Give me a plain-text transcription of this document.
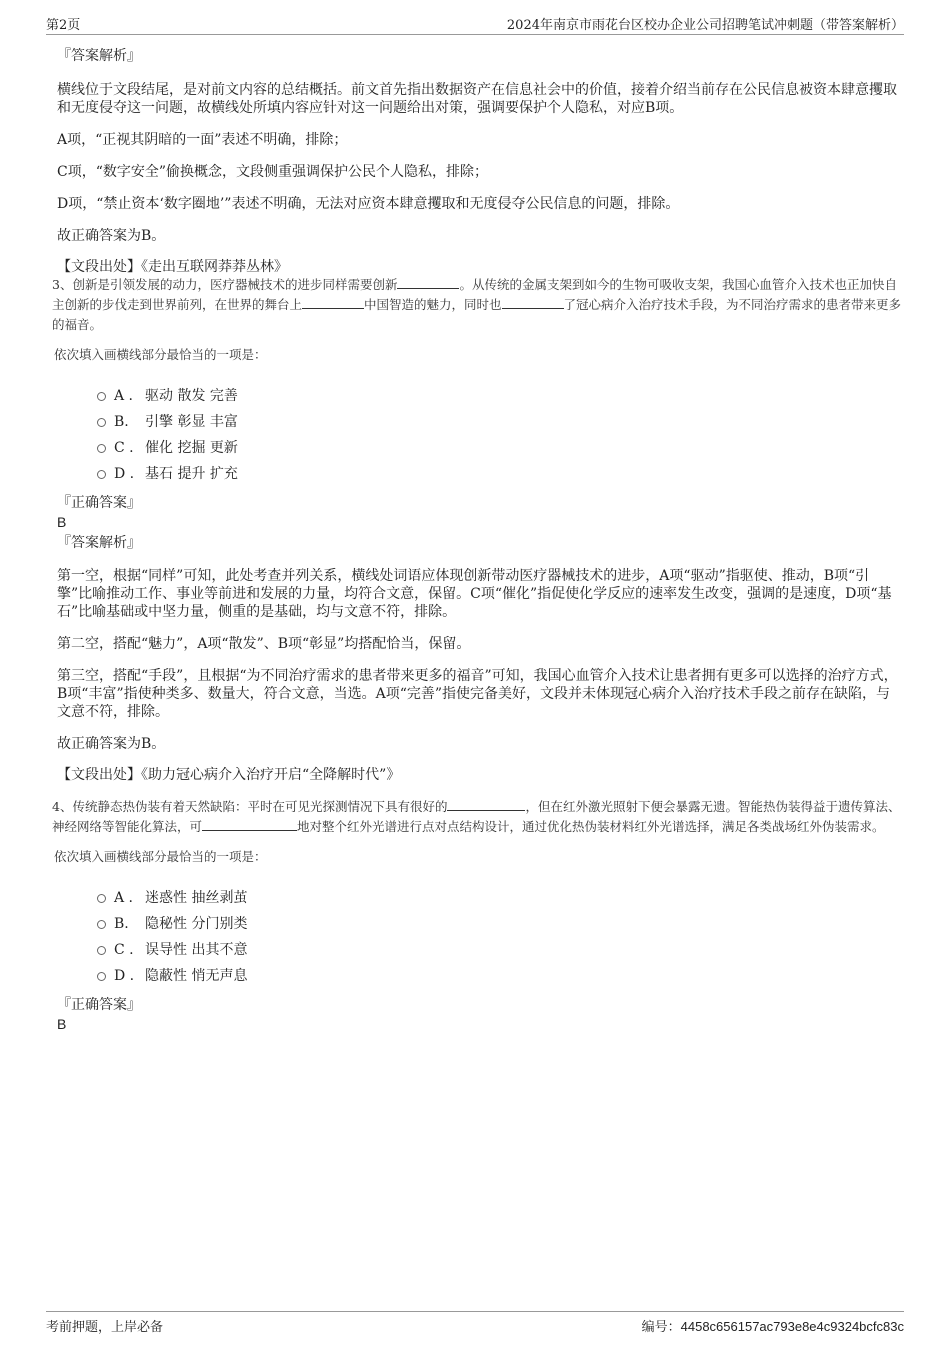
第2页	2024年南京市雨花台区校办企业公司招聘笔试冲刺题（带答案解析）

『答案解析』

横线位于文段结尾，是对前文内容的总结概括。前文首先指出数据资产在信息社会中的价值，接着介绍当前存在公民信息被资本肆意攫取和无度侵夺这一问题，故横线处所填内容应针对这一问题给出对策，强调要保护个人隐私，对应B项。

A项，“正视其阴暗的一面”表述不明确，排除；

C项，“数字安全”偷换概念，文段侧重强调保护公民个人隐私，排除；

D项，“禁止资本‘数字圈地’”表述不明确，无法对应资本肆意攫取和无度侵夺公民信息的问题，排除。

故正确答案为B。

【文段出处】《走出互联网莽莽丛林》

3、创新是引领发展的动力，医疗器械技术的进步同样需要创新	。从传统的金属支架到如今的生物可吸收支架，我国心血管介入技术也正加快自主创新的步伐走到世界前列，在世界的舞台上	中国智造的魅力，同时也	了冠心病介入治疗技术手段，为不同治疗需求的患者带来更多的福音。

依次填入画横线部分最恰当的一项是：

A . 驱动 散发 完善
B. 引擎 彰显 丰富
C . 催化 挖掘 更新
D . 基石 提升 扩充

『正确答案』

B

『答案解析』

第一空，根据“同样”可知，此处考查并列关系，横线处词语应体现创新带动医疗器械技术的进步，A项“驱动”指驱使、推动，B项“引擎”比喻推动工作、事业等前进和发展的力量，均符合文意，保留。C项“催化”指促使化学反应的速率发生改变，强调的是速度，D项“基石”比喻基础或中坚力量，侧重的是基础，均与文意不符，排除。

第二空，搭配“魅力”，A项“散发”、B项“彰显”均搭配恰当，保留。

第三空，搭配“手段”，且根据“为不同治疗需求的患者带来更多的福音”可知，我国心血管介入技术让患者拥有更多可以选择的治疗方式，B项“丰富”指使种类多、数量大，符合文意，当选。A项“完善”指使完备美好，文段并未体现冠心病介入治疗技术手段之前存在缺陷，与文意不符，排除。

故正确答案为B。

【文段出处】《助力冠心病介入治疗开启“全降解时代”》

4、传统静态热伪装有着天然缺陷：平时在可见光探测情况下具有很好的	，但在红外激光照射下便会暴露无遗。智能热伪装得益于遗传算法、神经网络等智能化算法，可	地对整个红外光谱进行点对点结构设计，通过优化热伪装材料红外光谱选择，满足各类战场红外伪装需求。

依次填入画横线部分最恰当的一项是：

A . 迷惑性 抽丝剥茧
B. 隐秘性 分门别类
C . 误导性 出其不意
D . 隐蔽性 悄无声息

『正确答案』

B

考前押题，上岸必备	编号：4458c656157ac793e8e4c9324bcfc83c
